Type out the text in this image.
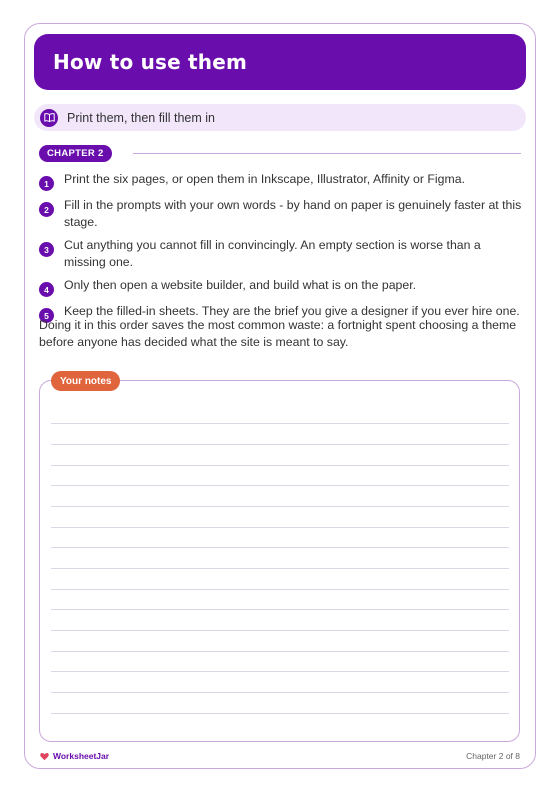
How to use them
Print them, then fill them in
CHAPTER 2
1	Print the six pages, or open them in Inkscape, Illustrator, Affinity or Figma.
2	Fill in the prompts with your own words - by hand on paper is genuinely faster at this stage.
3	Cut anything you cannot fill in convincingly. An empty section is worse than a missing one.
4	Only then open a website builder, and build what is on the paper.
5	Keep the filled-in sheets. They are the brief you give a designer if you ever hire one.

Doing it in this order saves the most common waste: a fortnight spent choosing a theme before anyone has decided what the site is meant to say.

Your notes
WorksheetJar	Chapter 2 of 8
